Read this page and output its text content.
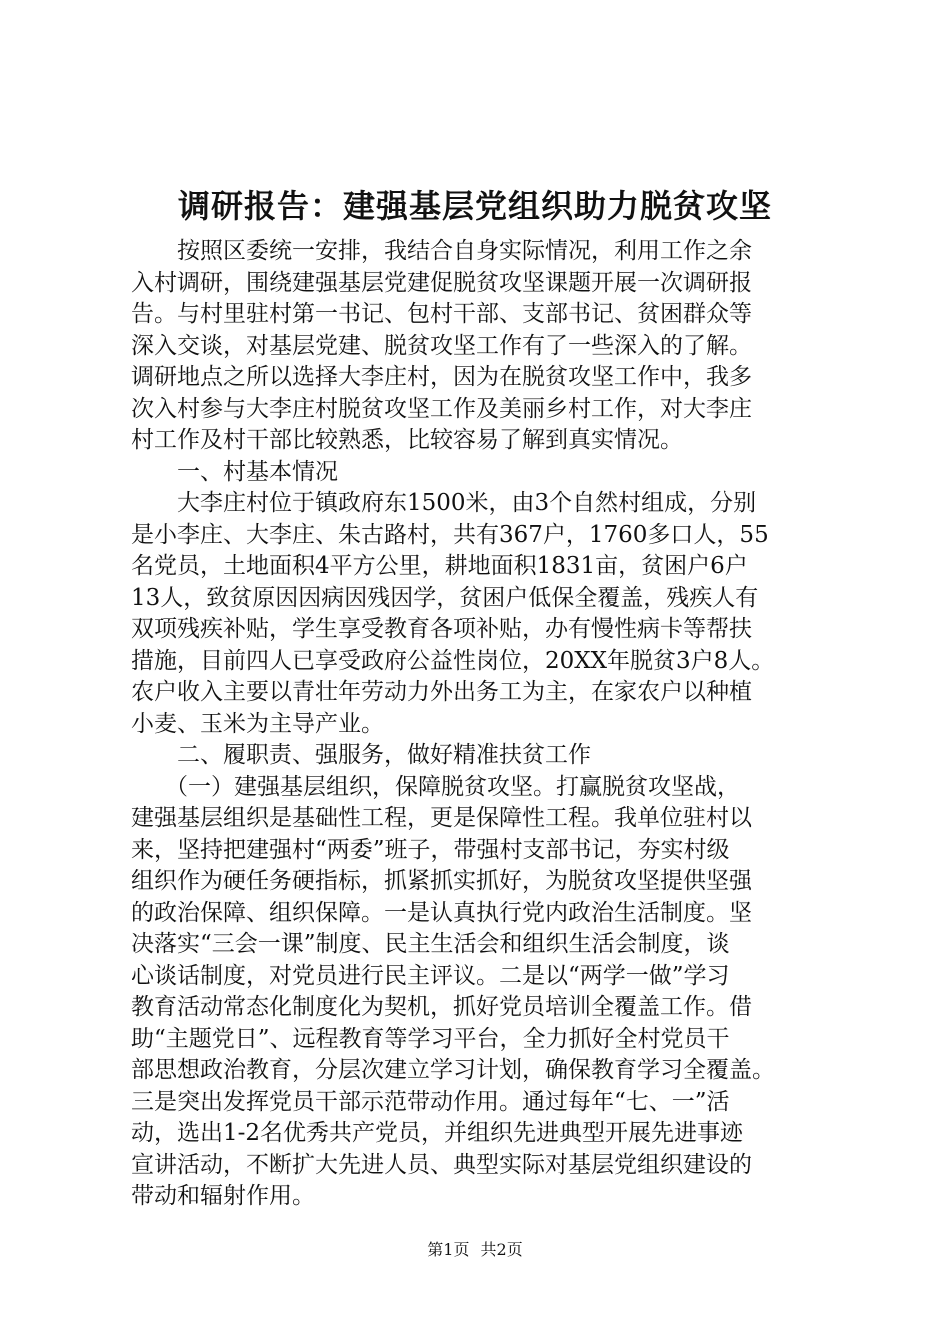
调研报告：建强基层党组织助力脱贫攻坚
按照区委统一安排，我结合自身实际情况，利用工作之余
入村调研，围绕建强基层党建促脱贫攻坚课题开展一次调研报
告。与村里驻村第一书记、包村干部、支部书记、贫困群众等
深入交谈，对基层党建、脱贫攻坚工作有了一些深入的了解。
调研地点之所以选择大李庄村，因为在脱贫攻坚工作中，我多
次入村参与大李庄村脱贫攻坚工作及美丽乡村工作，对大李庄
村工作及村干部比较熟悉，比较容易了解到真实情况。
一、村基本情况
大李庄村位于镇政府东1500米，由3个自然村组成，分别
是小李庄、大李庄、朱古路村，共有367户，1760多口人，55
名党员，土地面积4平方公里，耕地面积1831亩，贫困户6户
13人，致贫原因因病因残因学，贫困户低保全覆盖，残疾人有
双项残疾补贴，学生享受教育各项补贴，办有慢性病卡等帮扶
措施，目前四人已享受政府公益性岗位，20XX年脱贫3户8人。
农户收入主要以青壮年劳动力外出务工为主，在家农户以种植
小麦、玉米为主导产业。
二、履职责、强服务，做好精准扶贫工作
（一）建强基层组织，保障脱贫攻坚。打赢脱贫攻坚战，
建强基层组织是基础性工程，更是保障性工程。我单位驻村以
来，坚持把建强村“两委”班子，带强村支部书记，夯实村级
组织作为硬任务硬指标，抓紧抓实抓好，为脱贫攻坚提供坚强
的政治保障、组织保障。一是认真执行党内政治生活制度。坚
决落实“三会一课”制度、民主生活会和组织生活会制度，谈
心谈话制度，对党员进行民主评议。二是以“两学一做”学习
教育活动常态化制度化为契机，抓好党员培训全覆盖工作。借
助“主题党日”、远程教育等学习平台，全力抓好全村党员干
部思想政治教育，分层次建立学习计划，确保教育学习全覆盖。
三是突出发挥党员干部示范带动作用。通过每年“七、一”活
动，选出1-2名优秀共产党员，并组织先进典型开展先进事迹
宣讲活动，不断扩大先进人员、典型实际对基层党组织建设的
带动和辐射作用。
第1页 共2页
